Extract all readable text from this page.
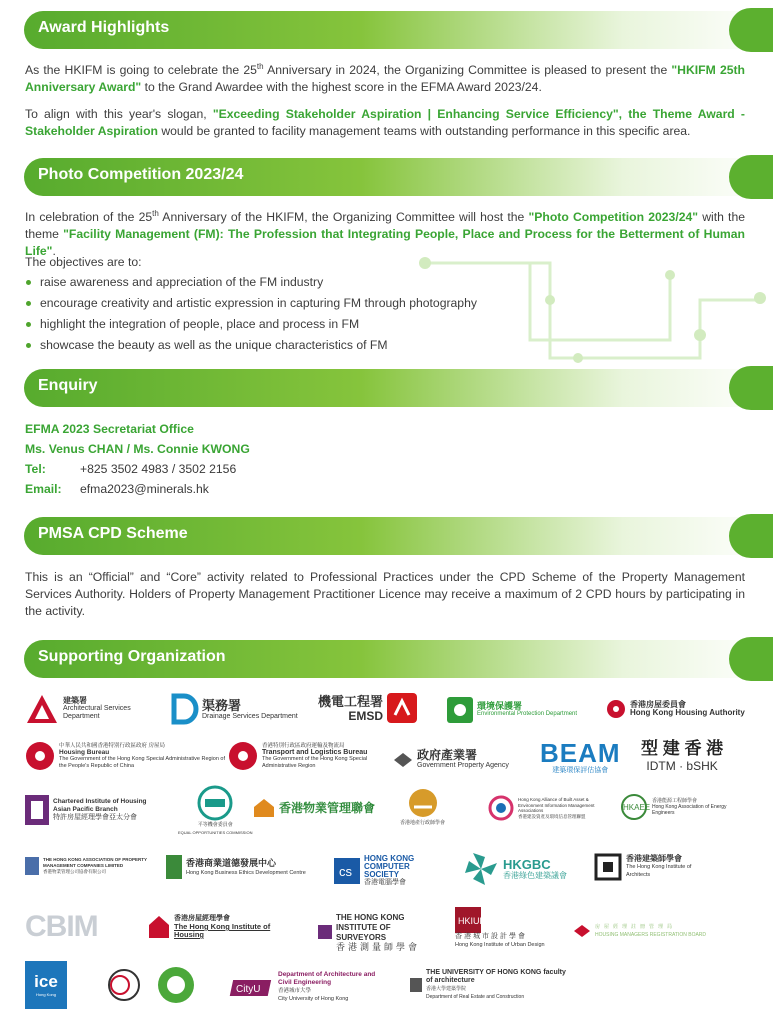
Award Highlights
As the HKIFM is going to celebrate the 25th Anniversary in 2024, the Organizing Committee is pleased to present the "HKIFM 25th Anniversary Award" to the Grand Awardee with the highest score in the EFMA Award 2023/24.
To align with this year's slogan, "Exceeding Stakeholder Aspiration | Enhancing Service Efficiency", the Theme Award - Stakeholder Aspiration would be granted to facility management teams with outstanding performance in this specific area.
Photo Competition 2023/24
In celebration of the 25th Anniversary of the HKIFM, the Organizing Committee will host the "Photo Competition 2023/24" with the theme "Facility Management (FM): The Profession that Integrating People, Place and Process for the Betterment of Human Life".
The objectives are to:
raise awareness and appreciation of the FM industry
encourage creativity and artistic expression in capturing FM through photography
highlight the integration of people, place and process in FM
showcase the beauty as well as the unique characteristics of FM
Enquiry
EFMA 2023 Secretariat Office
Ms. Venus CHAN / Ms. Connie KWONG
Tel:	+825 3502 4983 / 3502 2156
Email: efma2023@minerals.hk
PMSA CPD Scheme
This is an “Official” and “Core” activity related to Professional Practices under the CPD Scheme of the Property Management Services Authority. Holders of Property Management Practitioner Licence may receive a maximum of 2 CPD hours by participating in the activity.
Supporting Organization
建築署
Architectural Services Department
渠務署
Drainage Services Department
機電工程署
EMSD
環境保護署
Environmental Protection Department
香港房屋委員會
Hong Kong Housing Authority
中華人民共和國香港特別行政區政府 房屋局
Housing Bureau
The Government of the Hong Kong Special Administrative Region of the People's Republic of China
香港特別行政區政府運輸及物流局
Transport and Logistics Bureau
The Government of the Hong Kong Special Administrative Region
政府產業署
Government Property Agency BEAM
建築環保評估協會
型 建 香 港
IDTM · bSHK
Chartered Institute of Housing Asian Pacific Branch
特許房屋經理學會亞太分會
平等機會委員會
EQUAL OPPORTUNITIES COMMISSION
香港物業管理聯會
香港地產行政師學會
Hong Kong Alliance of Built Asset & Environment Information Management Associations
香港建設資產及環境信息管理聯盟
HKAEE
香港能源工程師學會
Hong Kong Association of Energy Engineers
THE HONG KONG ASSOCIATION OF PROPERTY MANAGEMENT COMPANIES LIMITED
香港物業管理公司協會有限公司
香港商業道德發展中心
Hong Kong Business Ethics Development Centre	cs
HONG KONG COMPUTER SOCIETY
香港電腦學會
HKGBC
香港綠色建築議會
香港建築師學會
The Hong Kong Institute of Architects
CBIM	香港房屋經理學會
The Hong Kong Institute of Housing
THE HONG KONG INSTITUTE OF SURVEYORS
香港測量師學會
HKIUD
香港城市設計學會
Hong Kong Institute of Urban Design
房屋經理註冊管理局
HOUSING MANAGERS REGISTRATION BOARD
ice
Hong Kong	CityU
Department of Architecture and Civil Engineering
香港城市大學
City University of Hong Kong
THE UNIVERSITY OF HONG KONG faculty of architecture
香港大學建築學院
Department of Real Estate and Construction
